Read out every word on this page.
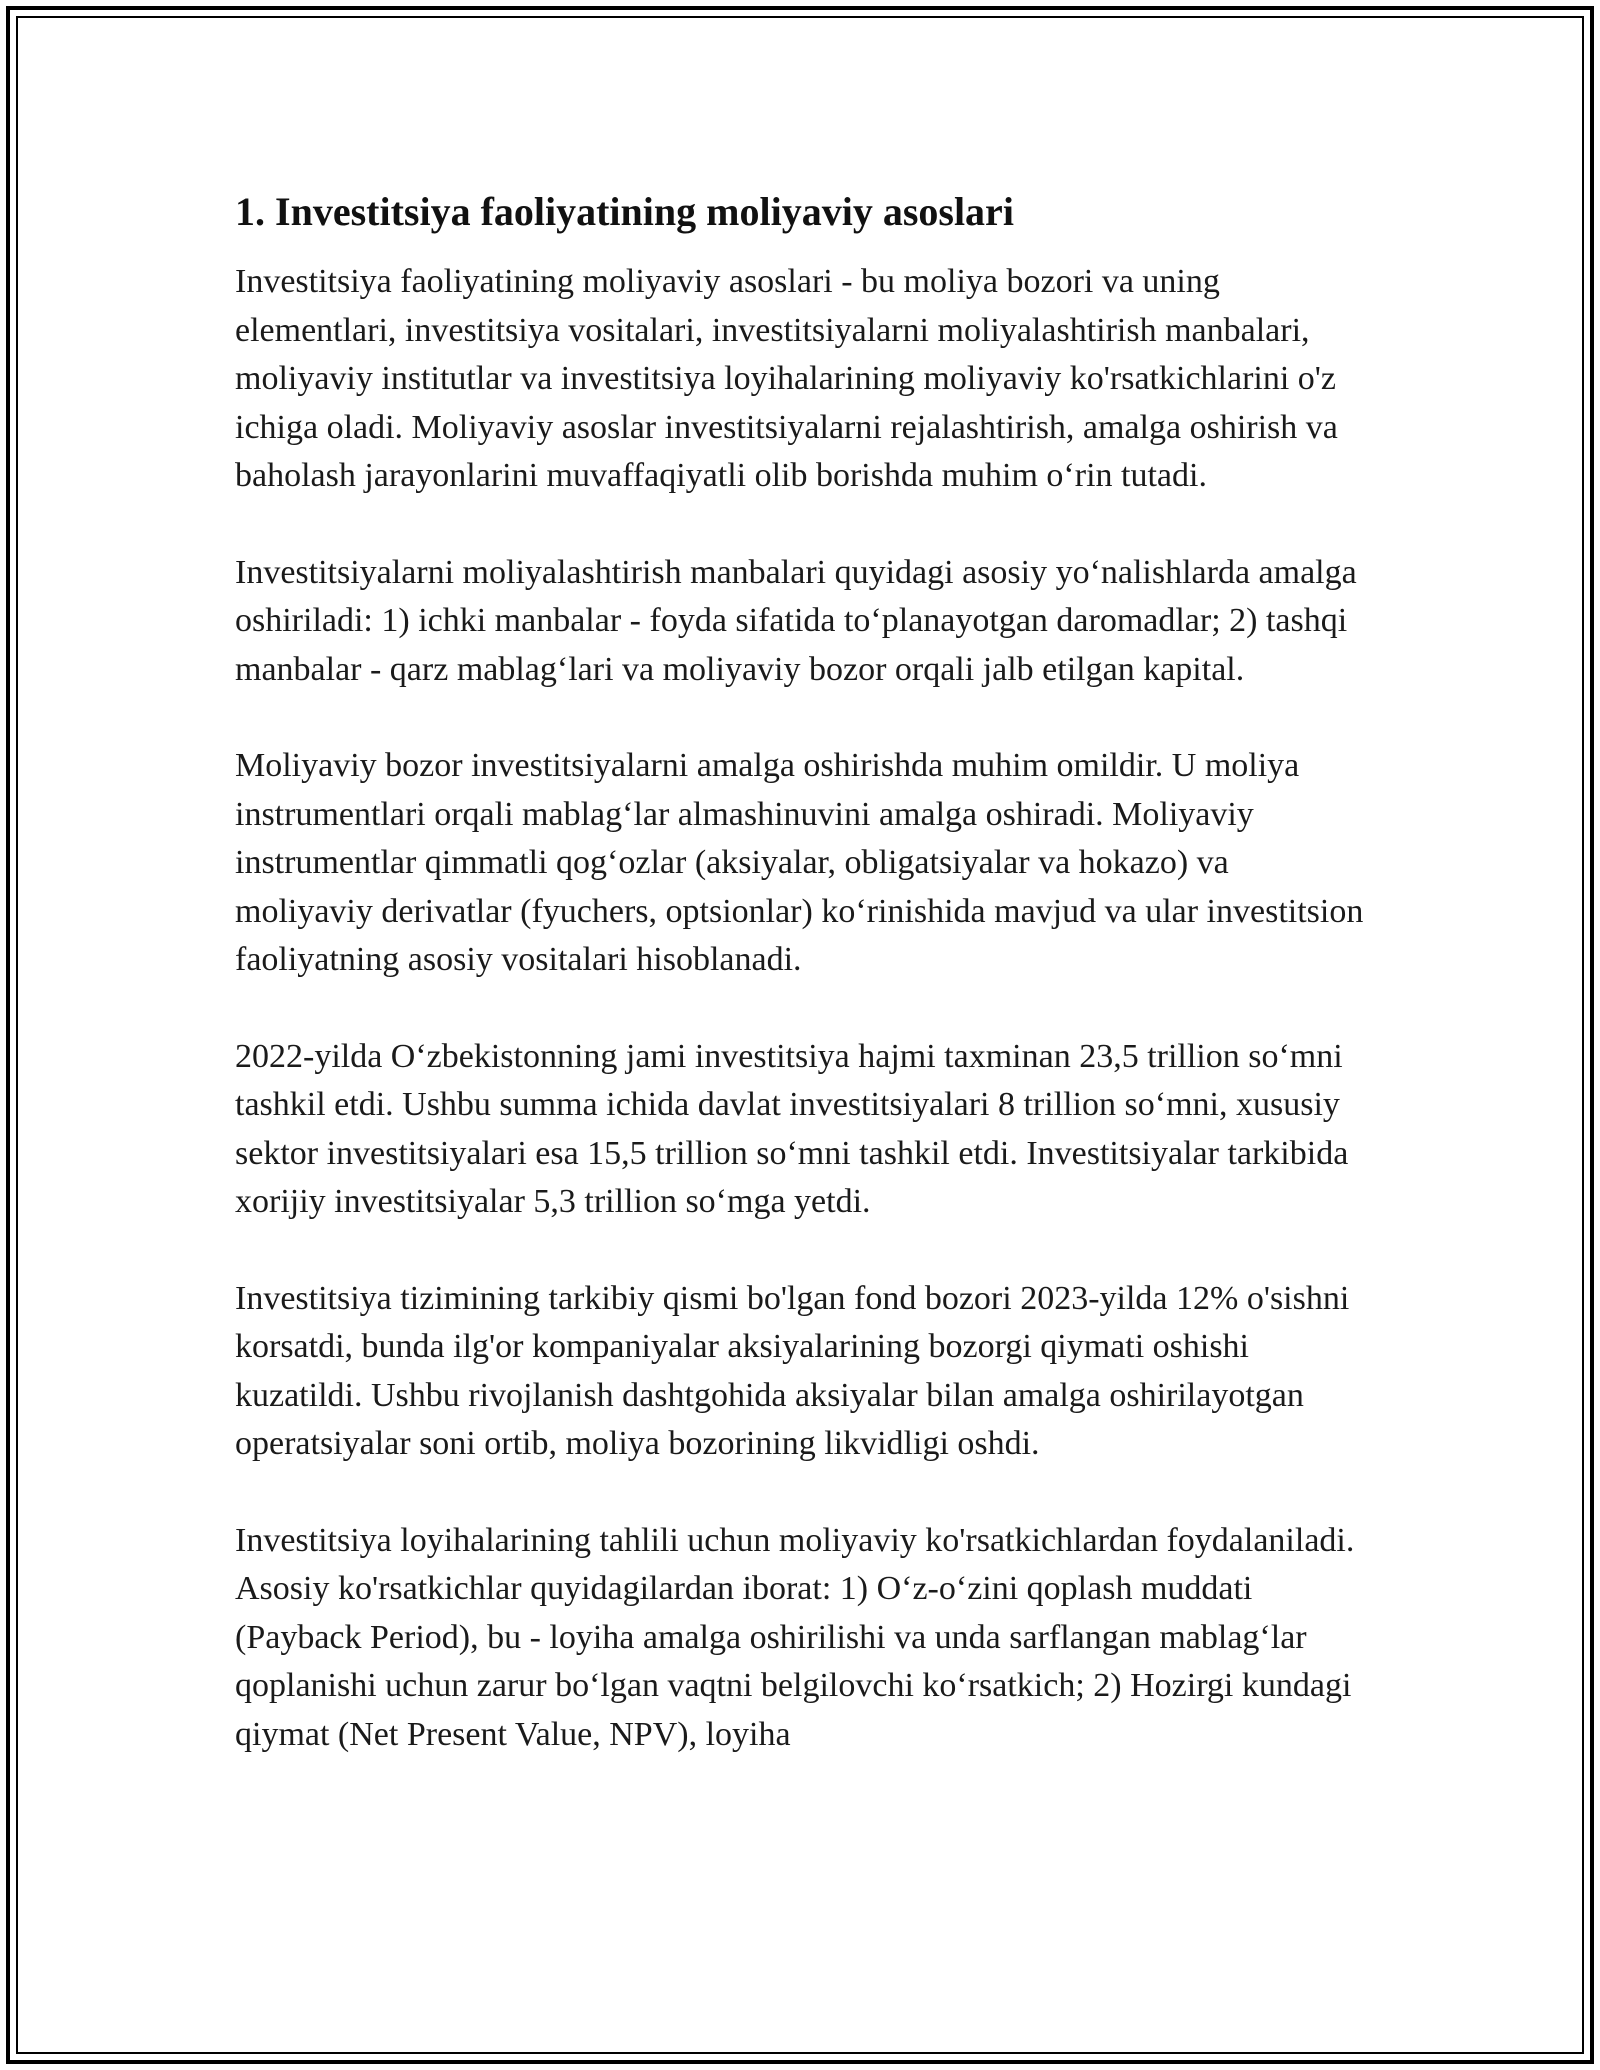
1. Investitsiya faoliyatining moliyaviy asoslari

Investitsiya faoliyatining moliyaviy asoslari - bu moliya bozori va uning elementlari, investitsiya vositalari, investitsiyalarni moliyalashtirish manbalari, moliyaviy institutlar va investitsiya loyihalarining moliyaviy ko'rsatkichlarini o'z ichiga oladi. Moliyaviy asoslar investitsiyalarni rejalashtirish, amalga oshirish va baholash jarayonlarini muvaffaqiyatli olib borishda muhim o‘rin tutadi.

Investitsiyalarni moliyalashtirish manbalari quyidagi asosiy yo‘nalishlarda amalga oshiriladi: 1) ichki manbalar - foyda sifatida to‘planayotgan daromadlar; 2) tashqi manbalar - qarz mablag‘lari va moliyaviy bozor orqali jalb etilgan kapital.

Moliyaviy bozor investitsiyalarni amalga oshirishda muhim omildir. U moliya instrumentlari orqali mablag‘lar almashinuvini amalga oshiradi. Moliyaviy instrumentlar qimmatli qog‘ozlar (aksiyalar, obligatsiyalar va hokazo) va moliyaviy derivatlar (fyuchers, optsionlar) ko‘rinishida mavjud va ular investitsion faoliyatning asosiy vositalari hisoblanadi.

2022-yilda O‘zbekistonning jami investitsiya hajmi taxminan 23,5 trillion so‘mni tashkil etdi. Ushbu summa ichida davlat investitsiyalari 8 trillion so‘mni, xususiy sektor investitsiyalari esa 15,5 trillion so‘mni tashkil etdi. Investitsiyalar tarkibida xorijiy investitsiyalar 5,3 trillion so‘mga yetdi.

Investitsiya tizimining tarkibiy qismi bo'lgan fond bozori 2023-yilda 12% o'sishni korsatdi, bunda ilg'or kompaniyalar aksiyalarining bozorgi qiymati oshishi kuzatildi. Ushbu rivojlanish dashtgohida aksiyalar bilan amalga oshirilayotgan operatsiyalar soni ortib, moliya bozorining likvidligi oshdi.

Investitsiya loyihalarining tahlili uchun moliyaviy ko'rsatkichlardan foydalaniladi. Asosiy ko'rsatkichlar quyidagilardan iborat: 1) O‘z-o‘zini qoplash muddati (Payback Period), bu - loyiha amalga oshirilishi va unda sarflangan mablag‘lar qoplanishi uchun zarur bo‘lgan vaqtni belgilovchi ko‘rsatkich; 2) Hozirgi kundagi qiymat (Net Present Value, NPV), loyiha
